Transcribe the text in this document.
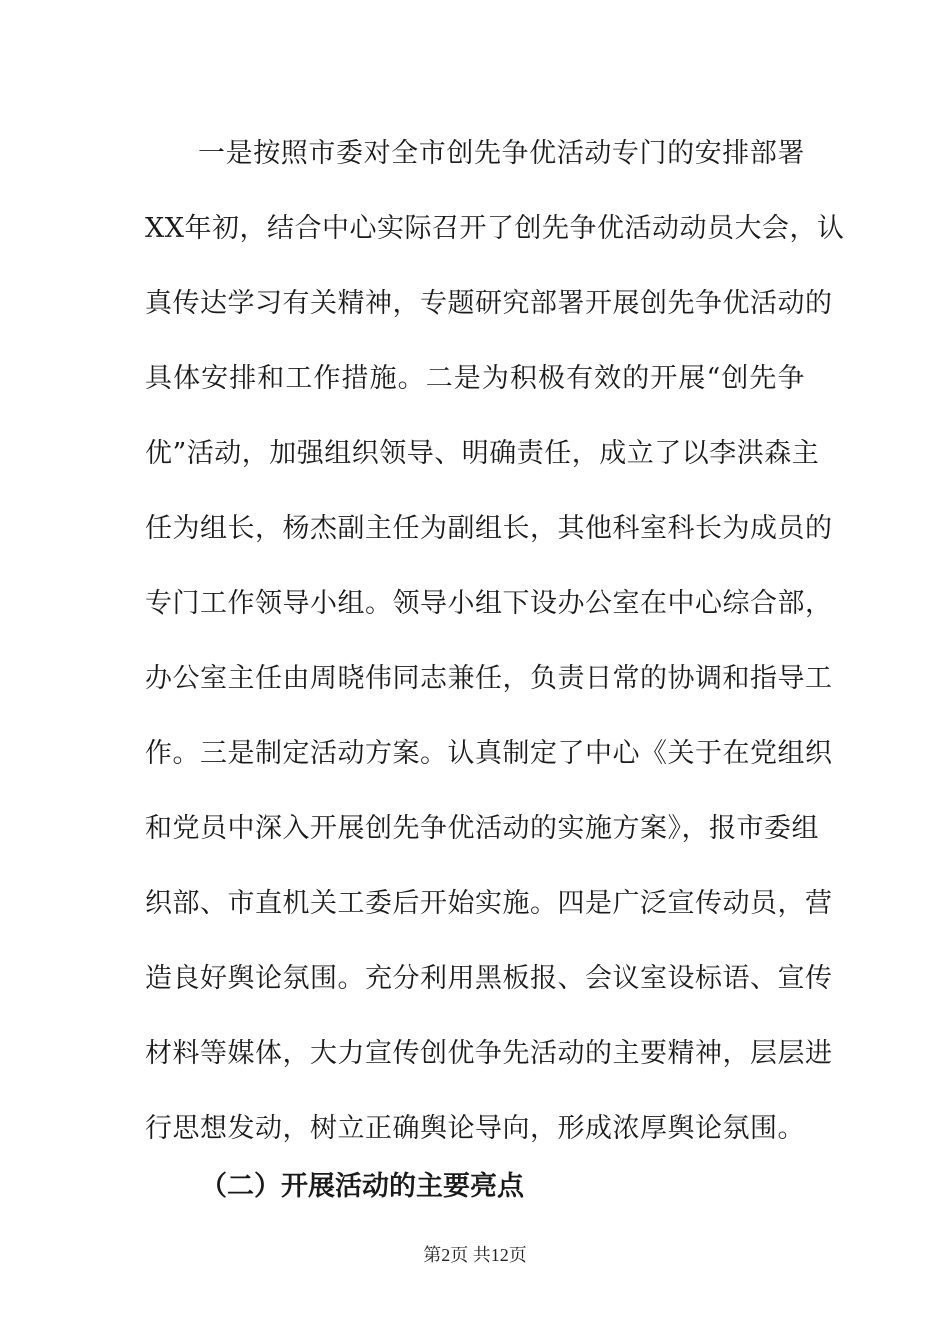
一是按照市委对全市创先争优活动专门的安排部署
XX年初，结合中心实际召开了创先争优活动动员大会，认
真传达学习有关精神，专题研究部署开展创先争优活动的
具体安排和工作措施。二是为积极有效的开展“创先争
优”活动，加强组织领导、明确责任，成立了以李洪森主
任为组长，杨杰副主任为副组长，其他科室科长为成员的
专门工作领导小组。领导小组下设办公室在中心综合部，
办公室主任由周晓伟同志兼任，负责日常的协调和指导工
作。三是制定活动方案。认真制定了中心《关于在党组织
和党员中深入开展创先争优活动的实施方案》，报市委组
织部、市直机关工委后开始实施。四是广泛宣传动员，营
造良好舆论氛围。充分利用黑板报、会议室设标语、宣传
材料等媒体，大力宣传创优争先活动的主要精神，层层进
行思想发动，树立正确舆论导向，形成浓厚舆论氛围。
（二）开展活动的主要亮点
第2页 共12页
